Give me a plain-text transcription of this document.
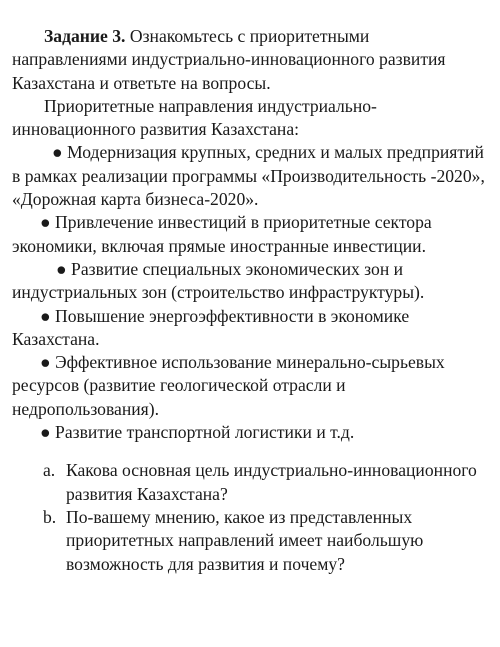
Задание 3. Ознакомьтесь с приоритетными направлениями индустриально-инновационного развития Казахстана и ответьте на вопросы.

Приоритетные направления индустриально-инновационного развития Казахстана:

● Модернизация крупных, средних и малых предприятий в рамках реализации программы «Производительность -2020», «Дорожная карта бизнеса-2020».

● Привлечение инвестиций в приоритетные сектора экономики, включая прямые иностранные инвестиции.

● Развитие специальных экономических зон и индустриальных зон (строительство инфраструктуры).

● Повышение энергоэффективности в экономике Казахстана.

● Эффективное использование минерально-сырьевых ресурсов (развитие геологической отрасли и недропользования).

● Развитие транспортной логистики и т.д.

a. Какова основная цель индустриально-инновационного развития Казахстана?
b. По-вашему мнению, какое из представленных приоритетных направлений имеет наибольшую возможность для развития и почему?
